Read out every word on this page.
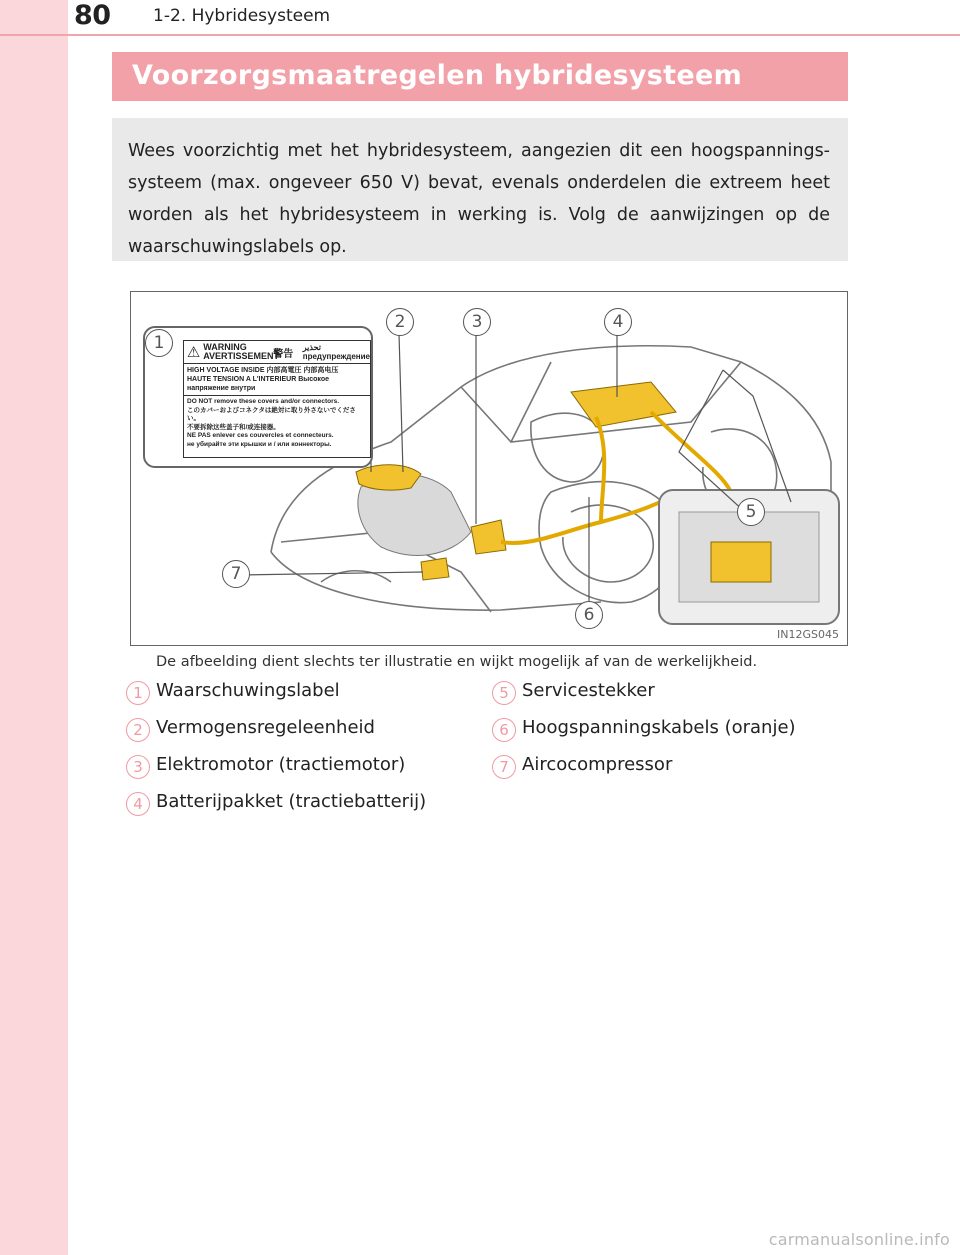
80 1-2. Hybridesysteem
Voorzorgsmaatregelen hybridesysteem
Wees voorzichtig met het hybridesysteem, aangezien dit een hoogspannings-systeem (max. ongeveer 650 V) bevat, evenals onderdelen die extreem heet worden als het hybridesysteem in werking is. Volg de aanwijzingen op de waarschuwingslabels op.
⚠ WARNING
AVERTISSEMENT
警告
تحذير
предупреждение
HIGH VOLTAGE INSIDE 内部高電圧 内部高电压
HAUTE TENSION A L'INTERIEUR Высокое напряжение внутри
DO NOT remove these covers and/or connectors.
このカバーおよびコネクタは絶対に取り外さないでください。
不要拆除这些盖子和/或连接器。
NE PAS enlever ces couvercles et connecteurs.
не убирайте эти крышки и / или коннекторы.
1
2	3	4
5
6
7
IN12GS045
De afbeelding dient slechts ter illustratie en wijkt mogelijk af van de werkelijkheid.
1 Waarschuwingslabel
2 Vermogensregeleenheid
3 Elektromotor (tractiemotor)
4 Batterijpakket (tractiebatterij)
5 Servicestekker
6 Hoogspanningskabels (oranje)
7 Aircocompressor
carmanualsonline.info
